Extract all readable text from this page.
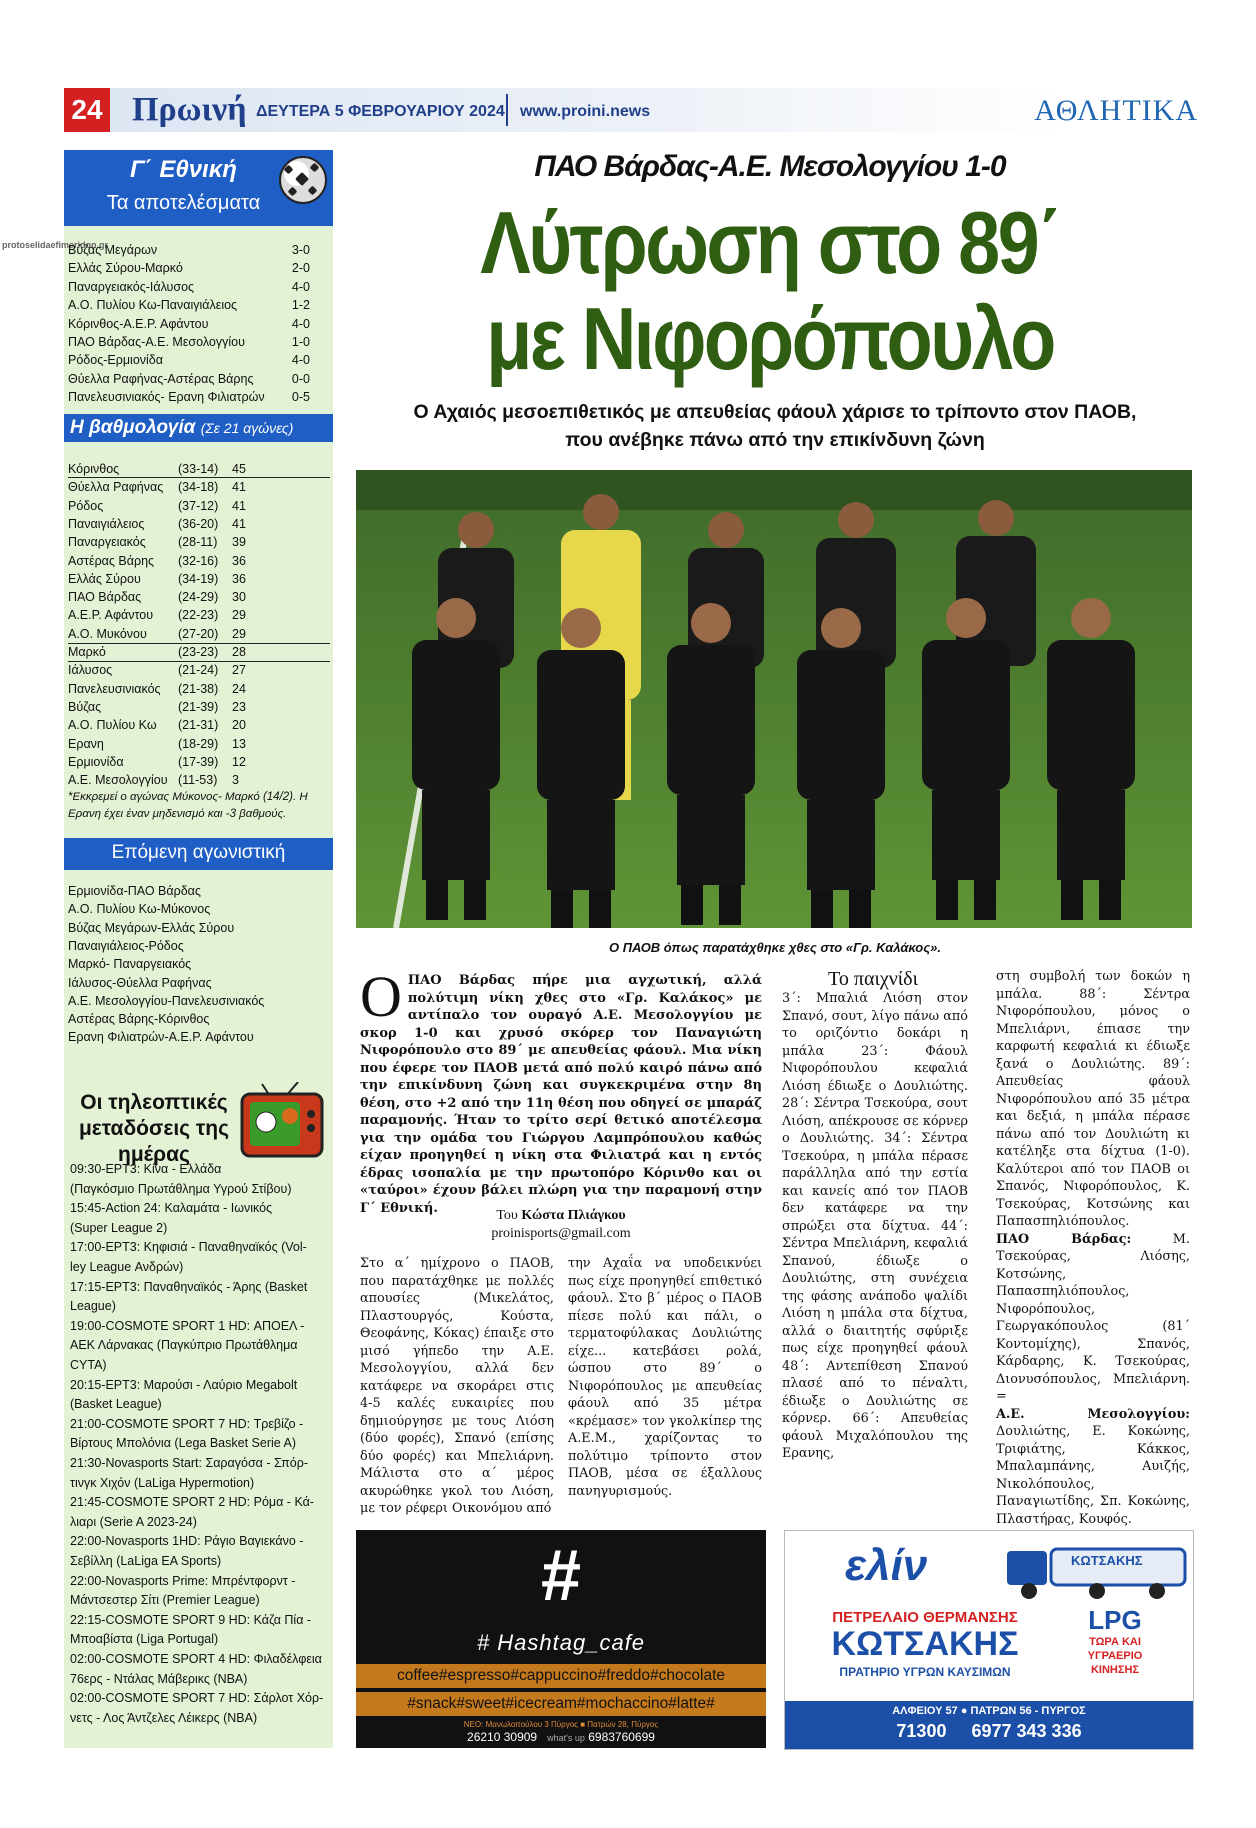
24 Πρωινή ΔΕΥΤΕΡΑ 5 ΦΕΒΡΟΥΑΡΙΟΥ 2024 www.proini.news	ΑΘΛΗΤΙΚΑ
Γ΄ Εθνική
Τα αποτελέσματα
protoselidaefimeridon.gr
Βύζας Μεγάρων	3-0
Ελλάς Σύρου-Μαρκό	2-0
Παναργειακός-Ιάλυσος	4-0
Α.Ο. Πυλίου Κω-Παναιγιάλειος	1-2
Κόρινθος-Α.Ε.Ρ. Αφάντου	4-0
ΠΑΟ Βάρδας-Α.Ε. Μεσολογγίου	1-0
Ρόδος-Ερμιονίδα	4-0
Θύελλα Ραφήνας-Αστέρας Βάρης	0-0
Πανελευσινιακός- Ερανη Φιλιατρών 0-5
Η βαθμολογία (Σε 21 αγώνες)
Κόρινθος	(33-14) 45
Θύελλα Ραφήνας (34-18) 41
Ρόδος	(37-12) 41
Παναιγιάλειος	(36-20) 41
Παναργειακός	(28-11) 39
Αστέρας Βάρης (32-16) 36
Ελλάς Σύρου	(34-19) 36
ΠΑΟ Βάρδας	(24-29) 30
Α.Ε.Ρ. Αφάντου (22-23) 29
Α.Ο. Μυκόνου (27-20) 29
Μαρκό	(23-23) 28
Ιάλυσος	(21-24) 27
Πανελευσινιακός (21-38) 24
Βύζας	(21-39) 23
Α.Ο. Πυλίου Κω (21-31) 20
Ερανη	(18-29) 13
Ερμιονίδα	(17-39) 12
Α.Ε. Μεσολογγίου (11-53) 3
*Εκκρεμεί ο αγώνας Μύκονος- Μαρκό (14/2). Η Ερανη έχει έναν μηδενισμό και -3 βαθμούς.
Επόμενη αγωνιστική
Ερμιονίδα-ΠΑΟ Βάρδας
Α.Ο. Πυλίου Κω-Μύκονος
Βύζας Μεγάρων-Ελλάς Σύρου
Παναιγιάλειος-Ρόδος
Μαρκό- Παναργειακός
Ιάλυσος-Θύελλα Ραφήνας
Α.Ε. Μεσολογγίου-Πανελευσινιακός
Αστέρας Βάρης-Κόρινθος
Ερανη Φιλιατρών-Α.Ε.Ρ. Αφάντου
Οι τηλεοπτικές μεταδόσεις της ημέρας
09:30-ΕΡΤ3: Κίνα - Ελλάδα
(Παγκόσμιο Πρωτάθλημα Υγρού Στίβου)
15:45-Action 24: Καλαμάτα - Ιωνικός
(Super League 2)
17:00-ΕΡΤ3: Κηφισιά - Παναθηναϊκός (Vol-
ley League Ανδρών)
17:15-ΕΡΤ3: Παναθηναϊκός - Άρης (Basket
League)
19:00-COSMOTE SPORT 1 HD: ΑΠΟΕΛ -
ΑΕΚ Λάρνακας (Παγκύπριο Πρωτάθλημα
CYTA)
20:15-ΕΡΤ3: Μαρούσι - Λαύριο Megabolt
(Basket League)
21:00-COSMOTE SPORT 7 HD: Τρεβίζο -
Βίρτους Μπολόνια (Lega Basket Serie A)
21:30-Novasports Start: Σαραγόσα - Σπόρ-
τινγκ Χιχόν (LaLiga Hypermotion)
21:45-COSMOTE SPORT 2 HD: Ρόμα - Κά-
λιαρι (Serie A 2023-24)
22:00-Novasports 1HD: Ράγιο Βαγιεκάνο -
Σεβίλλη (LaLiga EA Sports)
22:00-Novasports Prime: Μπρέντφορντ -
Μάντσεστερ Σίτι (Premier League)
22:15-COSMOTE SPORT 9 HD: Κάζα Πία -
Μποαβίστα (Liga Portugal)
02:00-COSMOTE SPORT 4 HD: Φιλαδέλφεια
76ερς - Ντάλας Μάβερικς (NBA)
02:00-COSMOTE SPORT 7 HD: Σάρλοτ Χόρ-
νετς - Λος Άντζελες Λέικερς (NBA)
ΠΑΟ Βάρδας-Α.Ε. Μεσολογγίου 1-0
Λύτρωση στο 89΄
με Νιφορόπουλο
Ο Αχαιός μεσοεπιθετικός με απευθείας φάουλ χάρισε το τρίποντο στον ΠΑΟΒ,
που ανέβηκε πάνω από την επικίνδυνη ζώνη
Ο ΠΑΟΒ όπως παρατάχθηκε χθες στο «Γρ. Καλάκος».
ΟΠΑΟ Βάρδας πήρε μια αγχωτική, αλλά πολύτιμη νίκη χθες στο «Γρ. Καλάκος» με αντίπαλο τον ουραγό Α.Ε. Μεσολογγίου με σκορ 1-0 και χρυσό σκόρερ τον Παναγιώτη Νιφορόπουλο στο 89΄ με απευθείας φάουλ. Μια νίκη που έφερε τον ΠΑΟΒ μετά από πολύ καιρό πάνω από την επικίνδυνη ζώνη και συγκεκριμένα στην 8η θέση, στο +2 από την 11η θέση που οδηγεί σε μπαράζ παραμονής. Ήταν το τρίτο σερί θετικό αποτέλεσμα για την ομάδα του Γιώργου Λαμπρόπουλου καθώς είχαν προηγηθεί η νίκη στα Φιλιατρά και η εντός έδρας ισοπαλία με την πρωτοπόρο Κόρινθο και οι «ταύροι» έχουν βάλει πλώρη για την παραμονή στην Γ΄ Εθνική.	Του Κώστα Πλιάγκου
proinisports@gmail.com
Στο α΄ ημίχρονο ο ΠΑΟΒ, που παρατάχθηκε με πολλές απουσίες (Μικελάτος, Πλαστουργός, Κούστα, Θεοφάνης, Κόκας) έπαιξε στο μισό γήπεδο την Α.Ε. Μεσολογγίου, αλλά δεν κατάφερε να σκοράρει στις 4-5 καλές ευκαιρίες που δημιούργησε με τους Λιόση (δύο φορές), Σπανό (επίσης δύο φορές) και Μπελιάρνη. Μάλιστα στο α΄ μέρος ακυρώθηκε γκολ του Λιόση, με τον ρέφερι Οικονόμου από
την Αχαΐα να υποδεικνύει πως είχε προηγηθεί επιθετικό φάουλ. Στο β΄ μέρος ο ΠΑΟΒ πίεσε πολύ και πάλι, ο τερματοφύλακας Δουλιώτης είχε... κατεβάσει ρολά, ώσπου στο 89΄ ο Νιφορόπουλος με απευθείας φάουλ από 35 μέτρα «κρέμασε» τον γκολκίπερ της Α.Ε.Μ., χαρίζοντας το πολύτιμο τρίποντο στον ΠΑΟΒ, μέσα σε έξαλλους πανηγυρισμούς.
Το παιχνίδι
3΄: Μπαλιά Λιόση στον Σπανό, σουτ, λίγο πάνω από το οριζόντιο δοκάρι η μπάλα 23΄: Φάουλ Νιφορόπουλου κεφαλιά Λιόση έδιωξε ο Δουλιώτης. 28΄: Σέντρα Τσεκούρα, σουτ Λιόση, απέκρουσε σε κόρνερ ο Δουλιώτης. 34΄: Σέντρα Τσεκούρα, η μπάλα πέρασε παράλληλα από την εστία και κανείς από τον ΠΑΟΒ δεν κατάφερε να την σπρώξει στα δίχτυα. 44΄: Σέντρα Μπελιάρνη, κεφαλιά Σπανού, έδιωξε ο Δουλιώτης, στη συνέχεια της φάσης ανάποδο ψαλίδι Λιόση η μπάλα στα δίχτυα, αλλά ο διαιτητής σφύριξε πως είχε προηγηθεί φάουλ 48΄: Αντεπίθεση Σπανού πλασέ από το πέναλτι, έδιωξε ο Δουλιώτης σε κόρνερ. 66΄: Απευθείας φάουλ Μιχαλόπουλου της Ερανης,
στη συμβολή των δοκών η μπάλα. 88΄: Σέντρα Νιφορόπουλου, μόνος ο Μπελιάρνι, έπιασε την καρφωτή κεφαλιά κι έδιωξε ξανά ο Δουλιώτης. 89΄: Απευθείας φάουλ Νιφορόπουλου από 35 μέτρα και δεξιά, η μπάλα πέρασε πάνω από τον Δουλιώτη κι κατέληξε στα δίχτυα (1-0). Καλύτεροι από τον ΠΑΟΒ οι Σπανός, Νιφορόπουλος, Κ. Τσεκούρας, Κοτσώνης και Παπασπηλιόπουλος.
ΠΑΟ Βάρδας: Μ. Τσεκούρας, Λιόσης, Κοτσώνης, Παπασπηλιόπουλος, Νιφορόπουλος, Γεωργακόπουλος (81΄ Κοντομίχης), Σπανός, Κάρδαρης, Κ. Τσεκούρας, Διονυσόπουλος, Μπελιάρνη. =
Α.Ε. Μεσολογγίου: Δουλιώτης, Ε. Κοκώνης, Τριφιάτης, Κάκκος, Μπαλαμπάνης, Αυιζής, Νικολόπουλος, Παναγιωτίδης, Σπ. Κοκώνης, Πλαστήρας, Κουφός.
#
# Hashtag_cafe
coffee#espresso#cappuccino#freddo#chocolate
#snack#sweet#icecream#mochaccino#latte#
ΝΕΟ: Μανωλοπούλου 3 Πύργος ■ Πατρών 28, Πύργος
26210 30909 what's up 6983760699
ελίν	ΚΩΤΣΑΚΗΣ
ΠΕΤΡΕΛΑΙΟ ΘΕΡΜΑΝΣΗΣ
ΚΩΤΣΑΚΗΣ
ΠΡΑΤΗΡΙΟ ΥΓΡΩΝ ΚΑΥΣΙΜΩΝ
LPG
ΤΩΡΑ ΚΑΙ ΥΓΡΑΕΡΙΟ ΚΙΝΗΣΗΣ
ΑΛΦΕΙΟΥ 57 ● ΠΑΤΡΩΝ 56 - ΠΥΡΓΟΣ
71300 6977 343 336
